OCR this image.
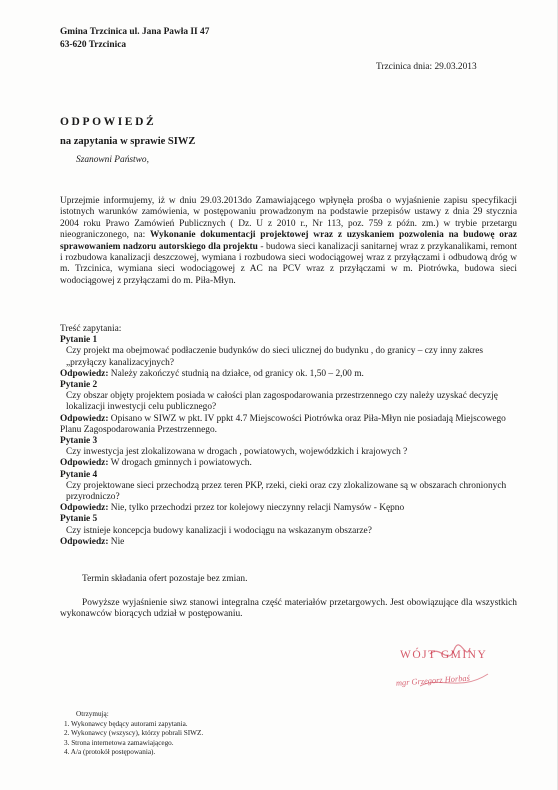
Gmina Trzcinica ul. Jana Pawła II 47
63-620 Trzcinica
Trzcinica dnia: 29.03.2013
ODPOWIEDŹ
na zapytania w sprawie SIWZ
Szanowni Państwo,
Uprzejmie informujemy, iż w dniu 29.03.2013do Zamawiającego wpłynęła prośba o wyjaśnienie zapisu specyfikacji istotnych warunków zamówienia, w postępowaniu prowadzonym na podstawie przepisów ustawy z dnia 29 stycznia 2004 roku Prawo Zamówień Publicznych ( Dz. U z 2010 r., Nr 113, poz. 759 z późn. zm.) w trybie przetargu nieograniczonego, na: Wykonanie dokumentacji projektowej wraz z uzyskaniem pozwolenia na budowę oraz sprawowaniem nadzoru autorskiego dla projektu - budowa sieci kanalizacji sanitarnej wraz z przykanalikami, remont i rozbudowa kanalizacji deszczowej, wymiana i rozbudowa sieci wodociągowej wraz z przyłączami i odbudową dróg w m. Trzcinica, wymiana sieci wodociągowej z AC na PCV wraz z przyłączami w m. Piotrówka, budowa sieci wodociągowej z przyłączami do m. Piła-Młyn.
Treść zapytania:
Pytanie 1
Czy projekt ma obejmować podłaczenie budynków do sieci ulicznej do budynku , do granicy – czy inny zakres „przyłączy kanalizacyjnych?
Odpowiedz: Należy zakończyć studnią na działce, od granicy ok. 1,50 – 2,00 m.
Pytanie 2
Czy obszar objęty projektem posiada w całości plan zagospodarowania przestrzennego czy należy uzyskać decyzję lokalizacji inwestycji celu publicznego?
Odpowiedz: Opisano w SIWZ w pkt. IV ppkt 4.7 Miejscowości Piotrówka oraz Piła-Młyn nie posiadają Miejscowego Planu Zagospodarowania Przestrzennego.
Pytanie 3
Czy inwestycja jest zlokalizowana w drogach , powiatowych, wojewódzkich i krajowych ?
Odpowiedz: W drogach gminnych i powiatowych.
Pytanie 4
Czy projektowane sieci przechodzą przez teren PKP, rzeki, cieki oraz czy zlokalizowane są w obszarach chronionych przyrodniczo?
Odpowiedz: Nie, tylko przechodzi przez tor kolejowy nieczynny relacji Namysów - Kępno
Pytanie 5
Czy istnieje koncepcja budowy kanalizacji i wodociągu na wskazanym obszarze?
Odpowiedz: Nie
Termin składania ofert pozostaje bez zmian.
Powyższe wyjaśnienie siwz stanowi integralna część materiałów przetargowych. Jest obowiązujące dla wszystkich wykonawców biorących udział w postępowaniu.
WÓJT GMINY
mgr Grzegorz Horbaś
Otrzymują:
1. Wykonawcy będący autorami zapytania.
2. Wykonawcy (wszyscy), którzy pobrali SIWZ.
3. Strona internetowa zamawiającego.
4. A/a (protokół postępowania).
